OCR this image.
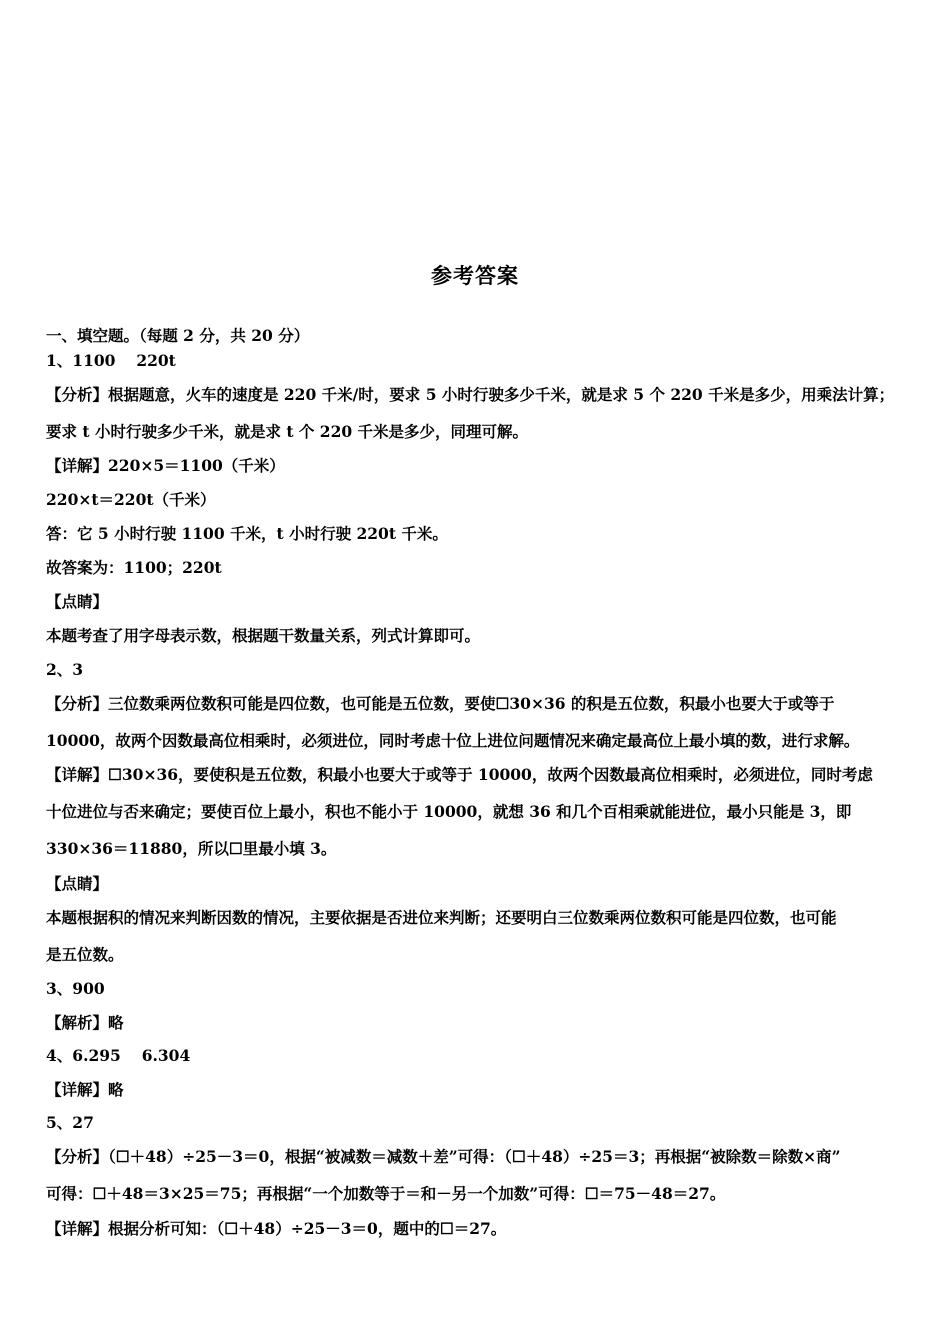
参考答案
一、填空题。（每题 2 分，共 20 分）
1、1100　 220t
【分析】根据题意，火车的速度是 220 千米/时，要求 5 小时行驶多少千米，就是求 5 个 220 千米是多少，用乘法计算；
要求 t 小时行驶多少千米，就是求 t 个 220 千米是多少，同理可解。
【详解】220×5＝1100（千米）
220×t＝220t（千米）
答：它 5 小时行驶 1100 千米，t 小时行驶 220t 千米。
故答案为：1100；220t
【点睛】
本题考查了用字母表示数，根据题干数量关系，列式计算即可。
2、3
【分析】三位数乘两位数积可能是四位数，也可能是五位数，要使☐30×36 的积是五位数，积最小也要大于或等于
10000，故两个因数最高位相乘时，必须进位，同时考虑十位上进位问题情况来确定最高位上最小填的数，进行求解。
【详解】☐30×36，要使积是五位数，积最小也要大于或等于 10000，故两个因数最高位相乘时，必须进位，同时考虑
十位进位与否来确定；要使百位上最小，积也不能小于 10000，就想 36 和几个百相乘就能进位，最小只能是 3，即
330×36＝11880，所以☐里最小填 3。
【点睛】
本题根据积的情况来判断因数的情况，主要依据是否进位来判断；还要明白三位数乘两位数积可能是四位数，也可能
是五位数。
3、900
【解析】略
4、6.295　 6.304
【详解】略
5、27
【分析】（☐＋48）÷25－3＝0，根据“被减数＝减数＋差”可得：（☐＋48）÷25＝3；再根据“被除数＝除数×商”
可得：☐＋48＝3×25＝75；再根据“一个加数等于＝和－另一个加数”可得：☐＝75－48＝27。
【详解】根据分析可知：（☐＋48）÷25－3＝0，题中的☐＝27。
